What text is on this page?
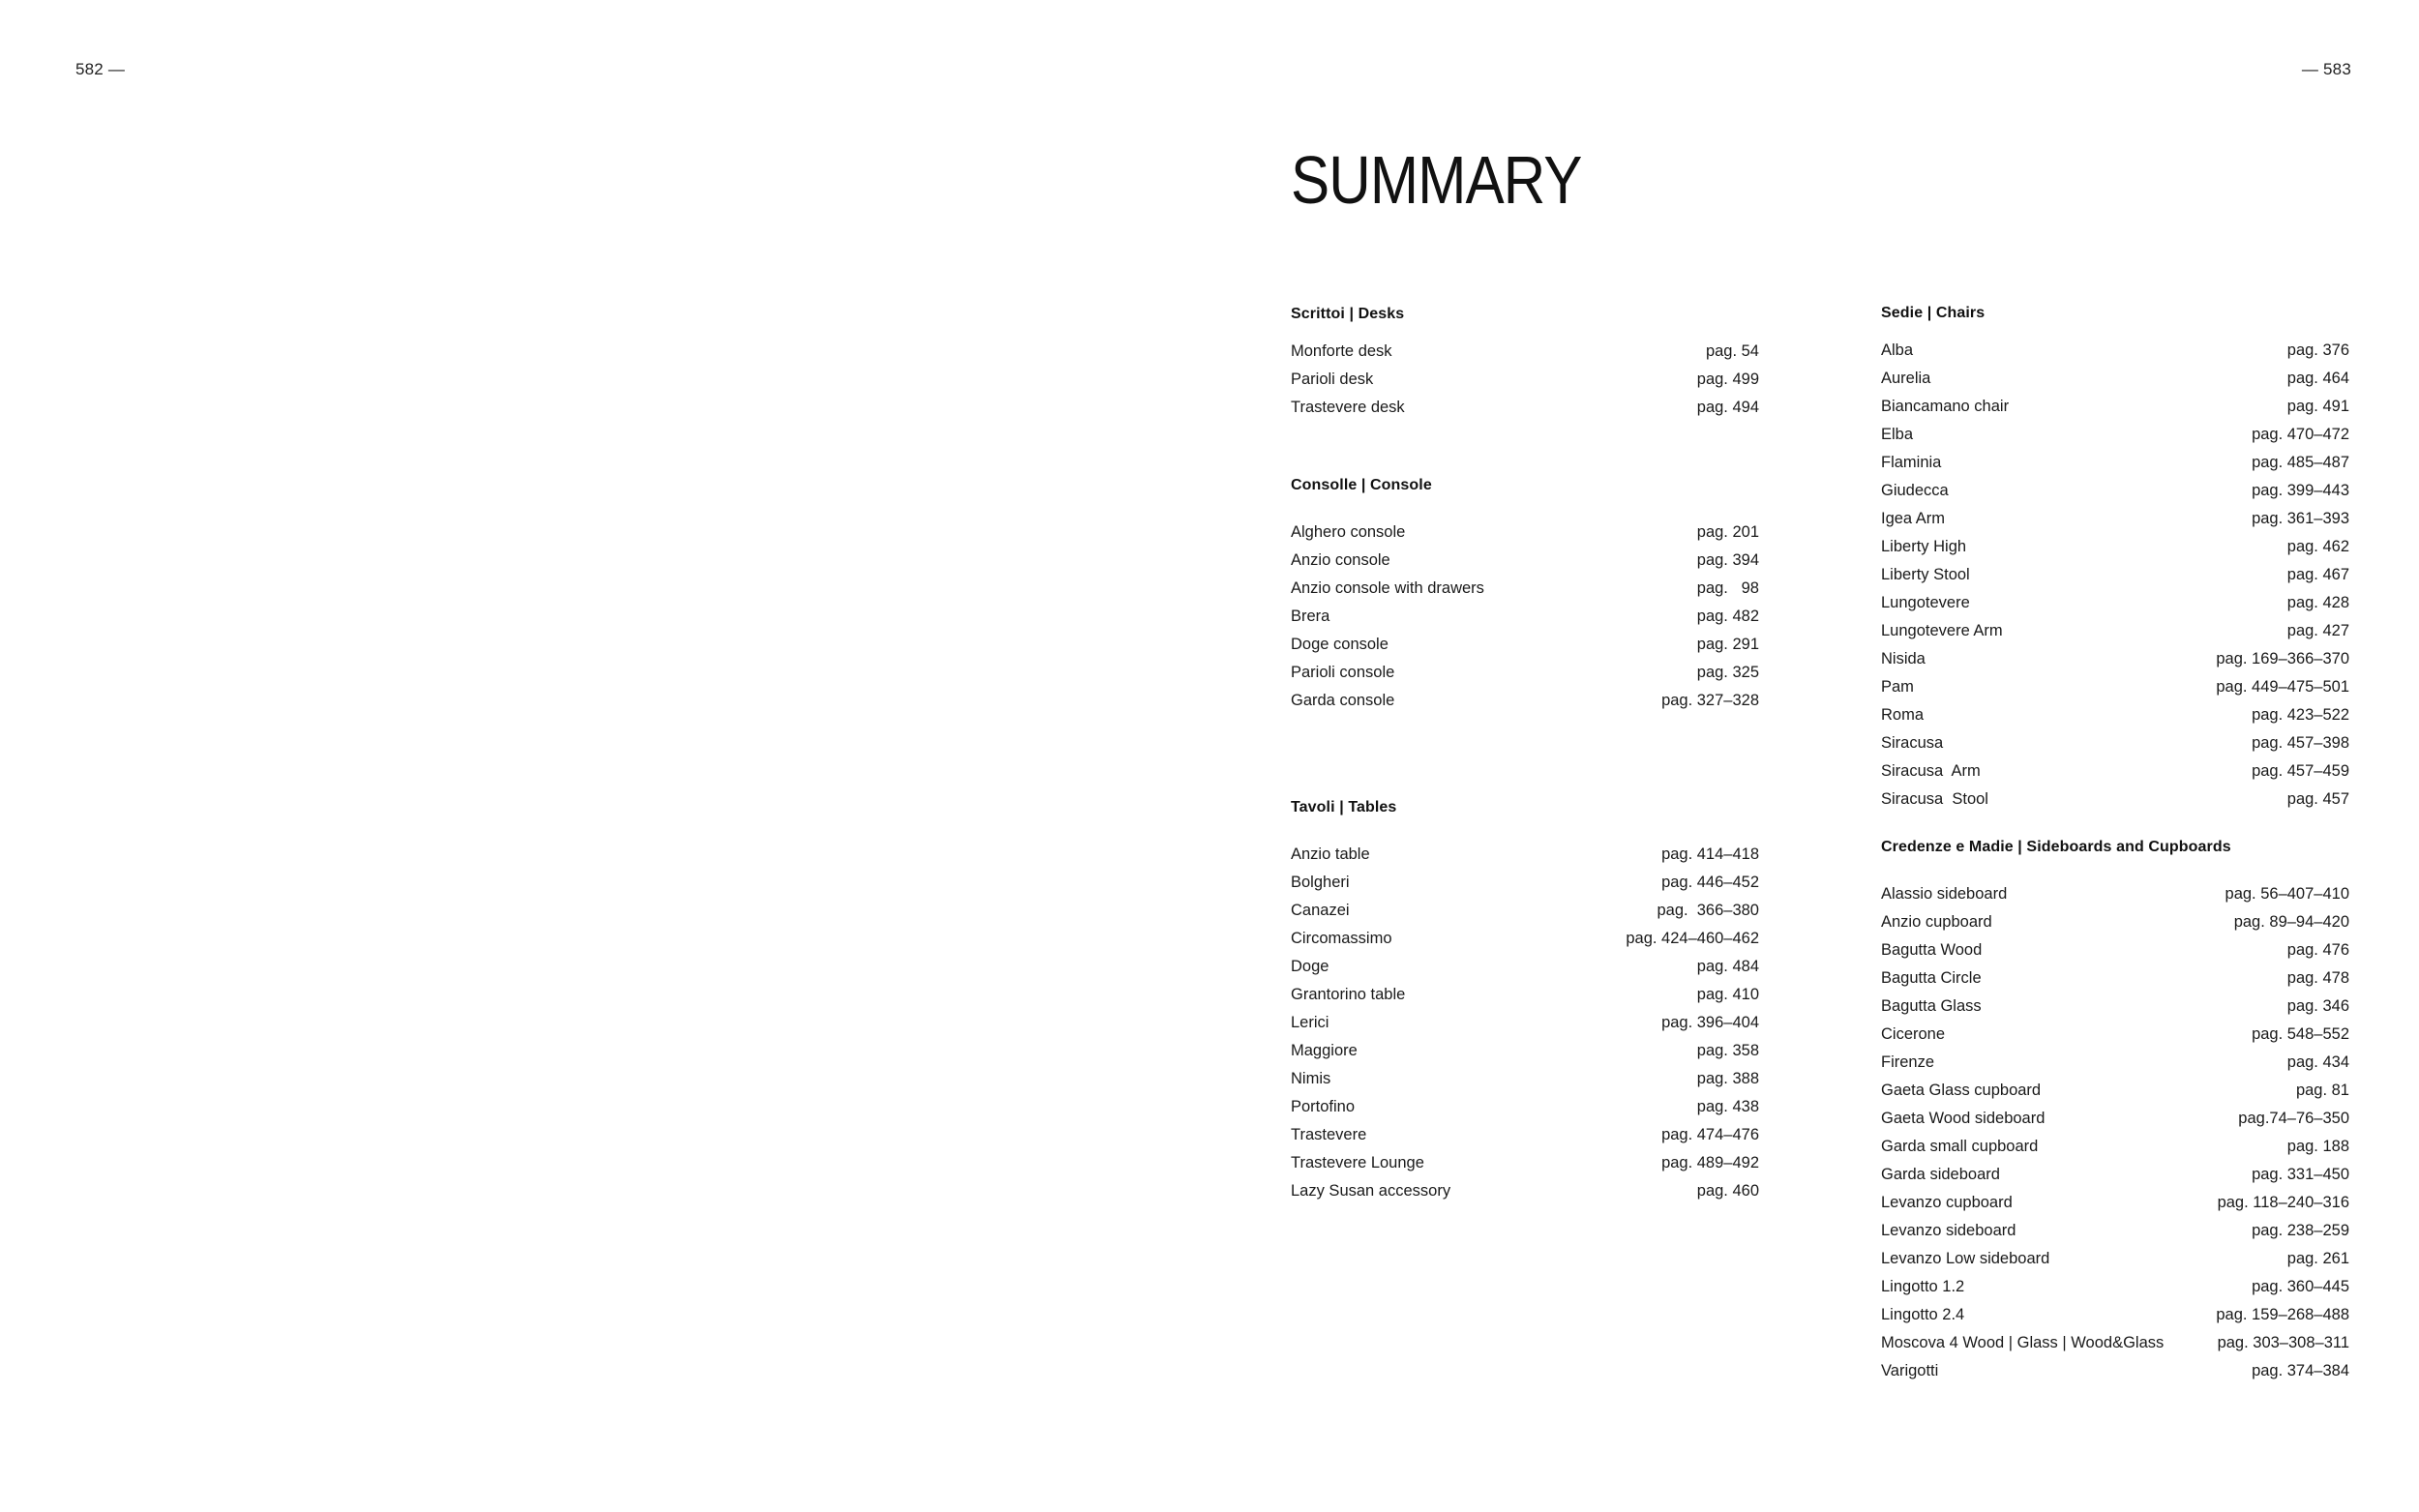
582 —	— 583
SUMMARY
Scrittoi | Desks
Monforte desk	pag. 54
Parioli desk	pag. 499
Trastevere desk	pag. 494
Consolle | Console
Alghero console	pag. 201
Anzio console	pag. 394
Anzio console with drawers	pag.   98
Brera	pag. 482
Doge console	pag. 291
Parioli console	pag. 325
Garda console	pag. 327–328
Tavoli | Tables
Anzio table	pag. 414–418
Bolgheri	pag. 446–452
Canazei	pag.  366–380
Circomassimo	pag. 424–460–462
Doge	pag. 484
Grantorino table	pag. 410
Lerici	pag. 396–404
Maggiore	pag. 358
Nimis	pag. 388
Portofino	pag. 438
Trastevere	pag. 474–476
Trastevere Lounge	pag. 489–492
Lazy Susan accessory	pag. 460
Sedie | Chairs
Alba	pag. 376
Aurelia	pag. 464
Biancamano chair	pag. 491
Elba	pag. 470–472
Flaminia	pag. 485–487
Giudecca	pag. 399–443
Igea Arm	pag. 361–393
Liberty High	pag. 462
Liberty Stool	pag. 467
Lungotevere	pag. 428
Lungotevere Arm	pag. 427
Nisida	pag. 169–366–370
Pam	pag. 449–475–501
Roma	pag. 423–522
Siracusa	pag. 457–398
Siracusa  Arm	pag. 457–459
Siracusa  Stool	pag. 457
Credenze e Madie | Sideboards and Cupboards
Alassio sideboard	pag. 56–407–410
Anzio cupboard	pag. 89–94–420
Bagutta Wood	pag. 476
Bagutta Circle	pag. 478
Bagutta Glass	pag. 346
Cicerone	pag. 548–552
Firenze	pag. 434
Gaeta Glass cupboard	pag. 81
Gaeta Wood sideboard	pag.74–76–350
Garda small cupboard	pag. 188
Garda sideboard	pag. 331–450
Levanzo cupboard	pag. 118–240–316
Levanzo sideboard	pag. 238–259
Levanzo Low sideboard	pag. 261
Lingotto 1.2	pag. 360–445
Lingotto 2.4	pag. 159–268–488
Moscova 4 Wood | Glass | Wood&Glass	pag. 303–308–311
Varigotti	pag. 374–384
